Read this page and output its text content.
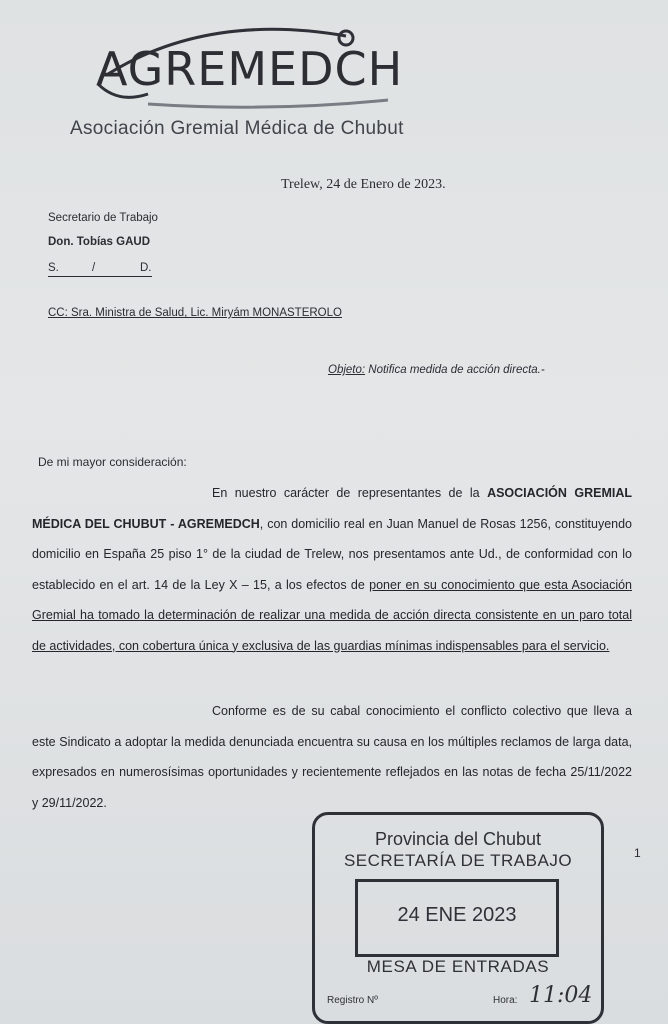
AGREMEDCH
Asociación Gremial Médica de Chubut
Trelew, 24 de Enero de 2023.
Secretario de Trabajo
Don. Tobías GAUD
S.	/	D.
CC: Sra. Ministra de Salud, Lic. Miryám MONASTEROLO
Objeto: Notifica medida de acción directa.-
De mi mayor consideración:

En nuestro carácter de representantes de la ASOCIACIÓN GREMIAL MÉDICA DEL CHUBUT - AGREMEDCH, con domicilio real en Juan Manuel de Rosas 1256, constituyendo domicilio en España 25 piso 1° de la ciudad de Trelew, nos presentamos ante Ud., de conformidad con lo establecido en el art. 14 de la Ley X – 15, a los efectos de poner en su conocimiento que esta Asociación Gremial ha tomado la determinación de realizar una medida de acción directa consistente en un paro total de actividades, con cobertura única y exclusiva de las guardias mínimas indispensables para el servicio.

Conforme es de su cabal conocimiento el conflicto colectivo que lleva a este Sindicato a adoptar la medida denunciada encuentra su causa en los múltiples reclamos de larga data, expresados en numerosísimas oportunidades y recientemente reflejados en las notas de fecha 25/11/2022 y 29/11/2022.

1
Provincia del Chubut
SECRETARÍA DE TRABAJO
24 ENE 2023
MESA DE ENTRADAS
Registro Nº	Hora: 11:04
